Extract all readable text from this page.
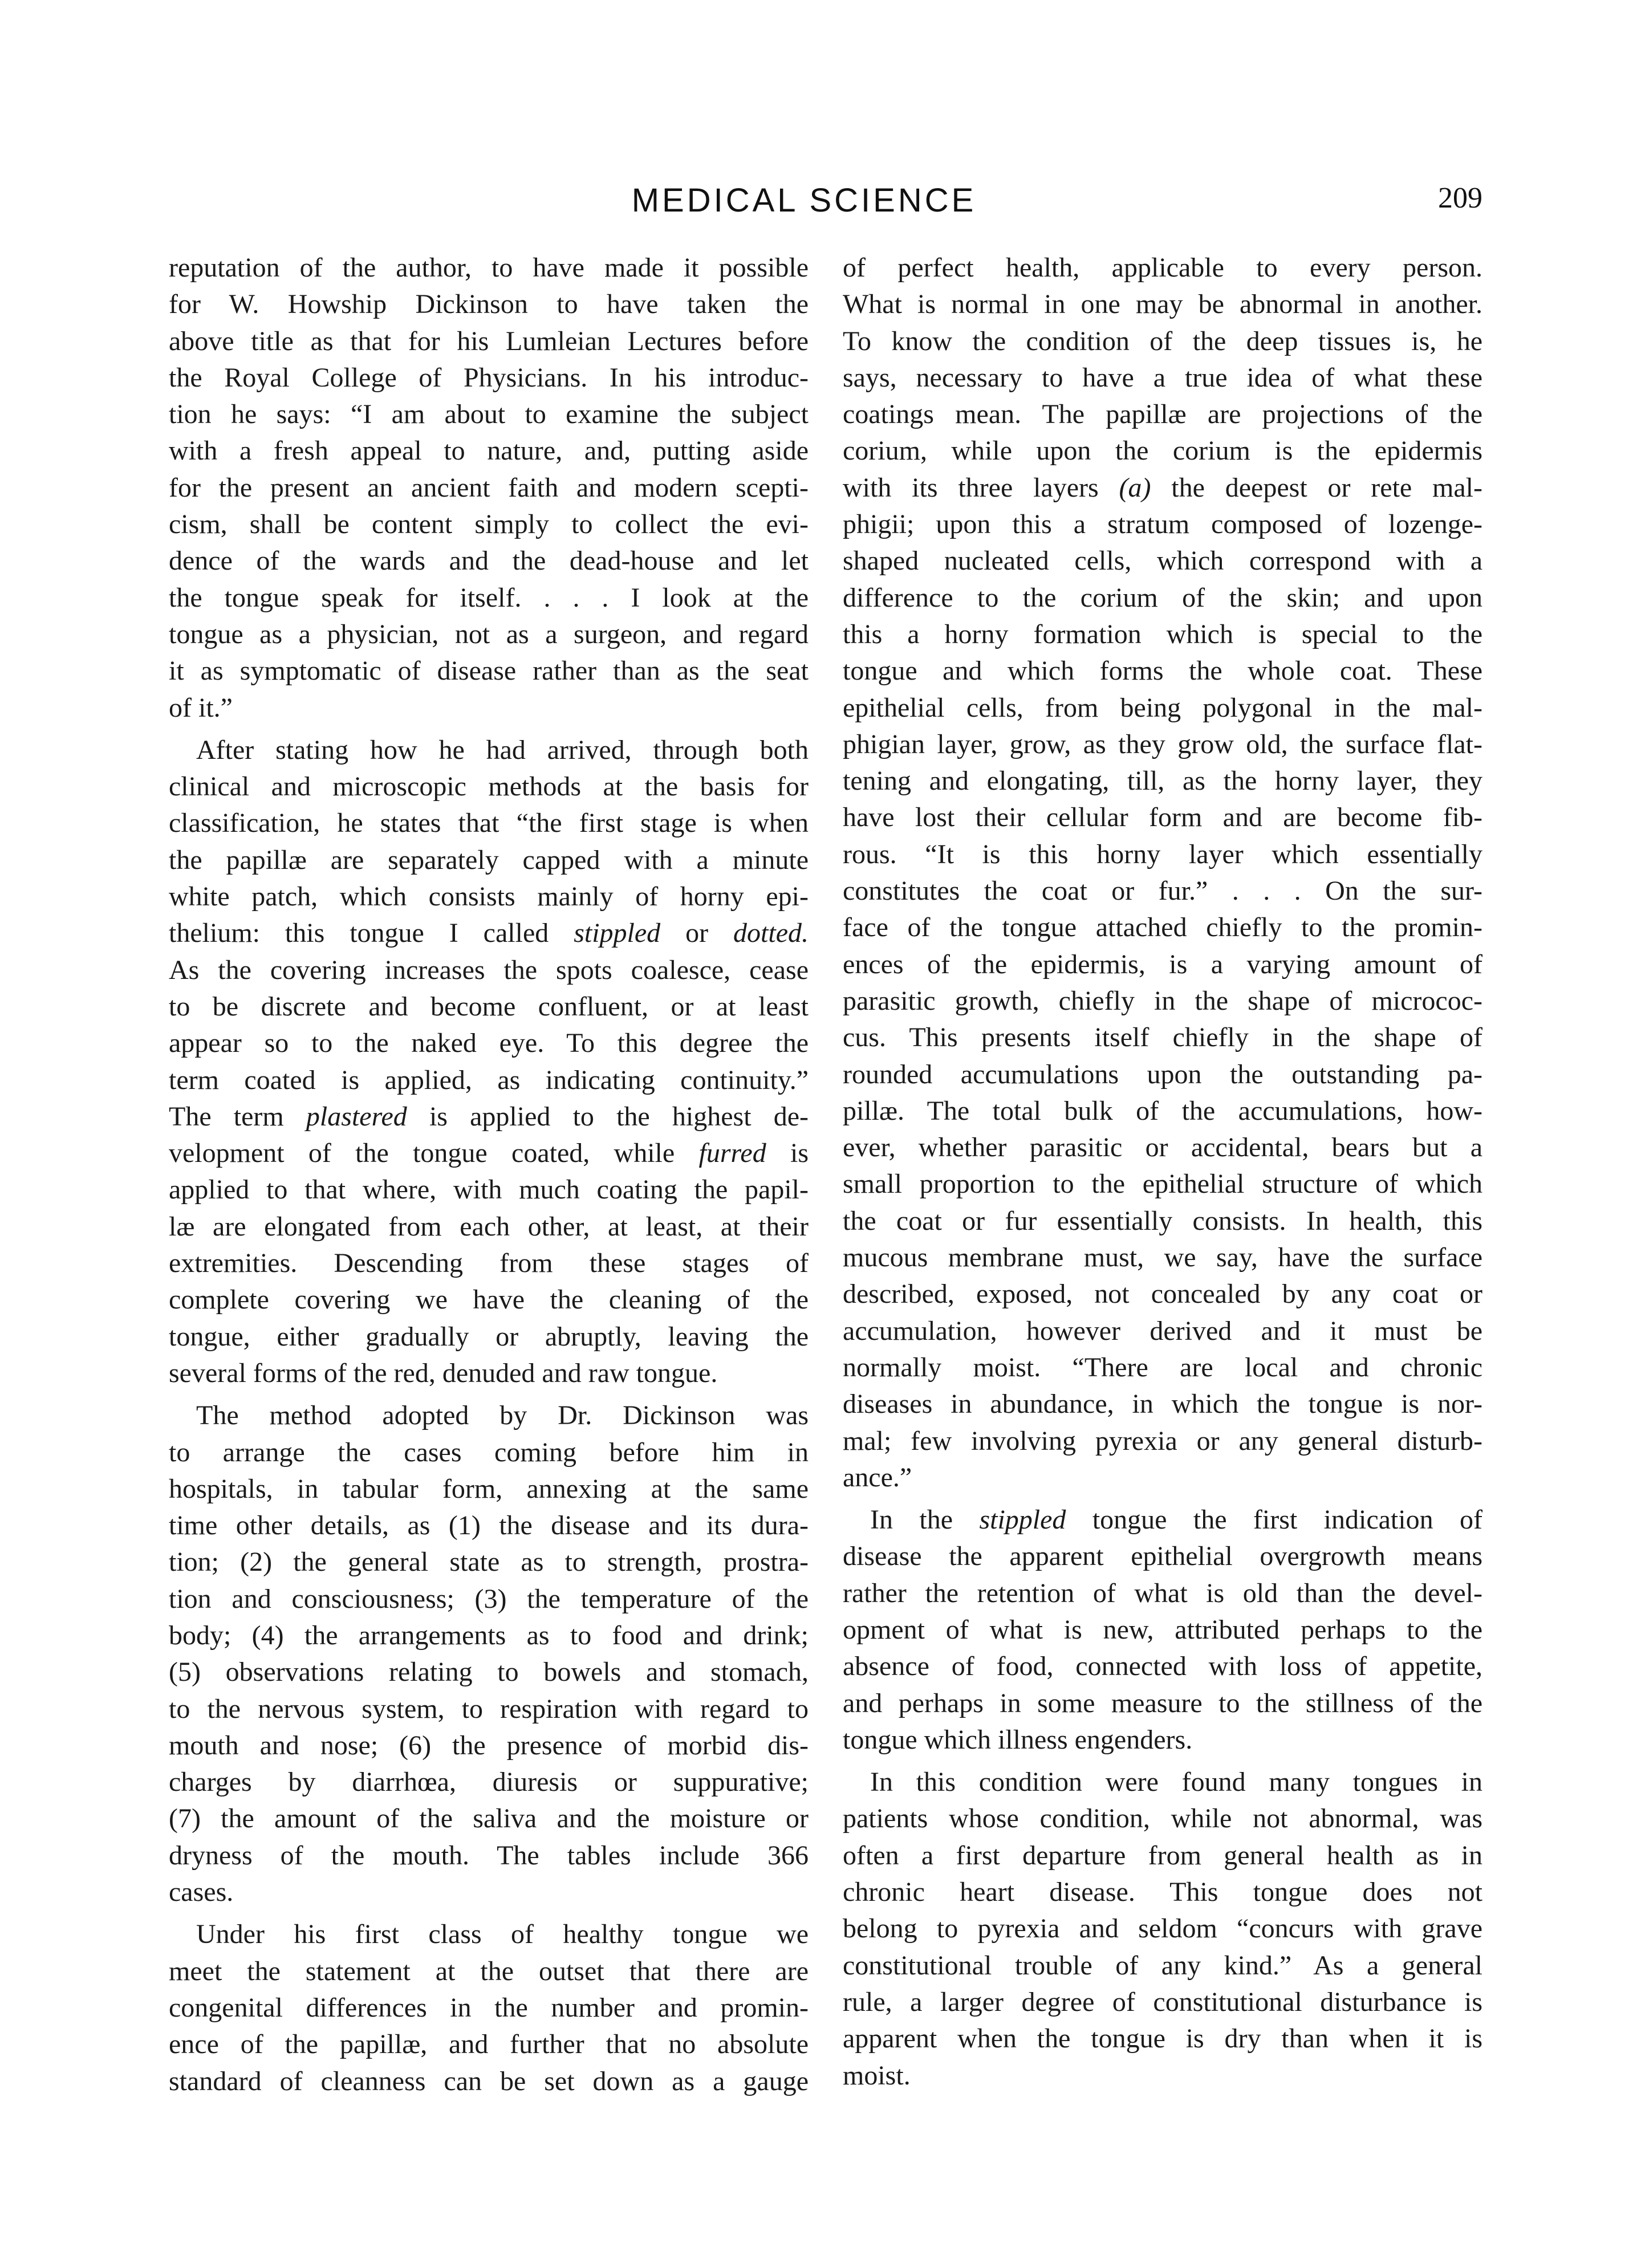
MEDICAL SCIENCE	209
reputation of the author, to have made it possible
for W. Howship Dickinson to have taken the
above title as that for his Lumleian Lectures before
the Royal College of Physicians. In his introduc-
tion he says: “I am about to examine the subject
with a fresh appeal to nature, and, putting aside
for the present an ancient faith and modern scepti-
cism, shall be content simply to collect the evi-
dence of the wards and the dead-house and let
the tongue speak for itself. . . . I look at the
tongue as a physician, not as a surgeon, and regard
it as symptomatic of disease rather than as the seat
of it.”
After stating how he had arrived, through both
clinical and microscopic methods at the basis for
classification, he states that “the first stage is when
the papillæ are separately capped with a minute
white patch, which consists mainly of horny epi-
thelium: this tongue I called stippled or dotted.
As the covering increases the spots coalesce, cease
to be discrete and become confluent, or at least
appear so to the naked eye. To this degree the
term coated is applied, as indicating continuity.”
The term plastered is applied to the highest de-
velopment of the tongue coated, while furred is
applied to that where, with much coating the papil-
læ are elongated from each other, at least, at their
extremities. Descending from these stages of
complete covering we have the cleaning of the
tongue, either gradually or abruptly, leaving the
several forms of the red, denuded and raw tongue.
The method adopted by Dr. Dickinson was
to arrange the cases coming before him in
hospitals, in tabular form, annexing at the same
time other details, as (1) the disease and its dura-
tion; (2) the general state as to strength, prostra-
tion and consciousness; (3) the temperature of the
body; (4) the arrangements as to food and drink;
(5) observations relating to bowels and stomach,
to the nervous system, to respiration with regard to
mouth and nose; (6) the presence of morbid dis-
charges by diarrhœa, diuresis or suppurative;
(7) the amount of the saliva and the moisture or
dryness of the mouth. The tables include 366
cases.
Under his first class of healthy tongue we
meet the statement at the outset that there are
congenital differences in the number and promin-
ence of the papillæ, and further that no absolute
standard of cleanness can be set down as a gauge
of perfect health, applicable to every person.
What is normal in one may be abnormal in another.
To know the condition of the deep tissues is, he
says, necessary to have a true idea of what these
coatings mean. The papillæ are projections of the
corium, while upon the corium is the epidermis
with its three layers (a) the deepest or rete mal-
phigii; upon this a stratum composed of lozenge-
shaped nucleated cells, which correspond with a
difference to the corium of the skin; and upon
this a horny formation which is special to the
tongue and which forms the whole coat. These
epithelial cells, from being polygonal in the mal-
phigian layer, grow, as they grow old, the surface flat-
tening and elongating, till, as the horny layer, they
have lost their cellular form and are become fib-
rous. “It is this horny layer which essentially
constitutes the coat or fur.” . . . On the sur-
face of the tongue attached chiefly to the promin-
ences of the epidermis, is a varying amount of
parasitic growth, chiefly in the shape of micrococ-
cus. This presents itself chiefly in the shape of
rounded accumulations upon the outstanding pa-
pillæ. The total bulk of the accumulations, how-
ever, whether parasitic or accidental, bears but a
small proportion to the epithelial structure of which
the coat or fur essentially consists. In health, this
mucous membrane must, we say, have the surface
described, exposed, not concealed by any coat or
accumulation, however derived and it must be
normally moist. “There are local and chronic
diseases in abundance, in which the tongue is nor-
mal; few involving pyrexia or any general disturb-
ance.”
In the stippled tongue the first indication of
disease the apparent epithelial overgrowth means
rather the retention of what is old than the devel-
opment of what is new, attributed perhaps to the
absence of food, connected with loss of appetite,
and perhaps in some measure to the stillness of the
tongue which illness engenders.
In this condition were found many tongues in
patients whose condition, while not abnormal, was
often a first departure from general health as in
chronic heart disease. This tongue does not
belong to pyrexia and seldom “concurs with grave
constitutional trouble of any kind.” As a general
rule, a larger degree of constitutional disturbance is
apparent when the tongue is dry than when it is
moist.
